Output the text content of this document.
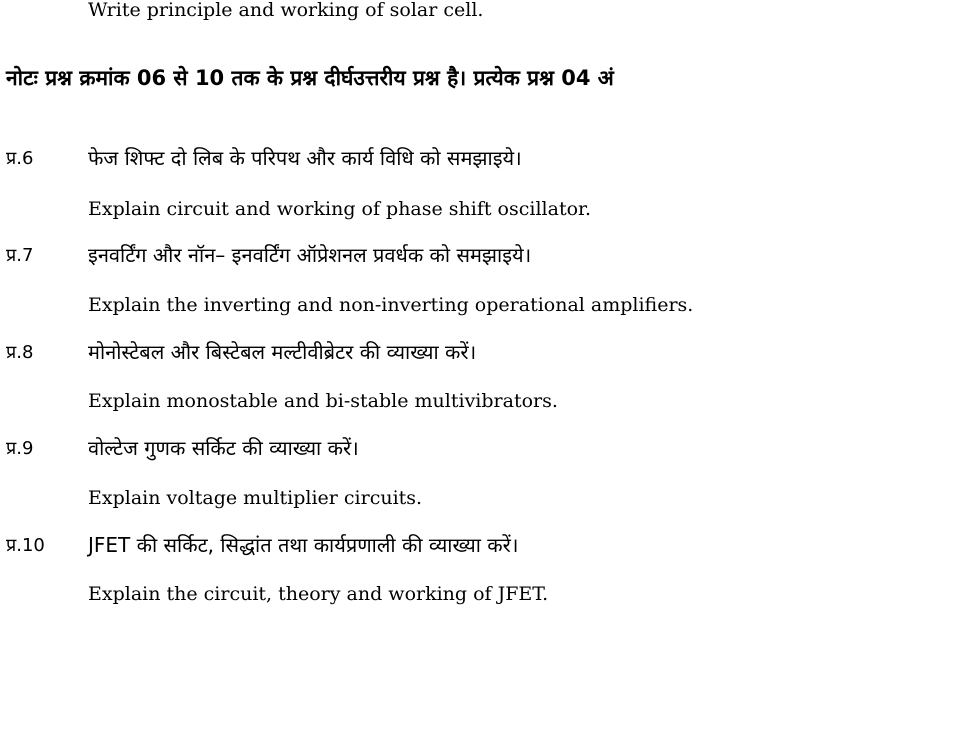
Write principle and working of solar cell.
नोटः प्रश्न क्रमांक 06 से 10 तक के प्रश्न दीर्घउत्तरीय प्रश्न है। प्रत्येक प्रश्न 04 अं
प्र.6	फेज शिफ्ट दो लिब के परिपथ और कार्य विधि को समझाइये।
Explain circuit and working of phase shift oscillator.
प्र.7	इनवर्टिंग और नॉन– इनवर्टिंग ऑप्रेशनल प्रवर्धक को समझाइये।
Explain the inverting and non-inverting operational amplifiers.
प्र.8	मोनोस्टेबल और बिस्टेबल मल्टीवीब्रेटर की व्याख्या करें।
Explain monostable and bi-stable multivibrators.
प्र.9	वोल्टेज गुणक सर्किट की व्याख्या करें।
Explain voltage multiplier circuits.
प्र.10 JFET की सर्किट, सिद्धांत तथा कार्यप्रणाली की व्याख्या करें।
Explain the circuit, theory and working of JFET.
